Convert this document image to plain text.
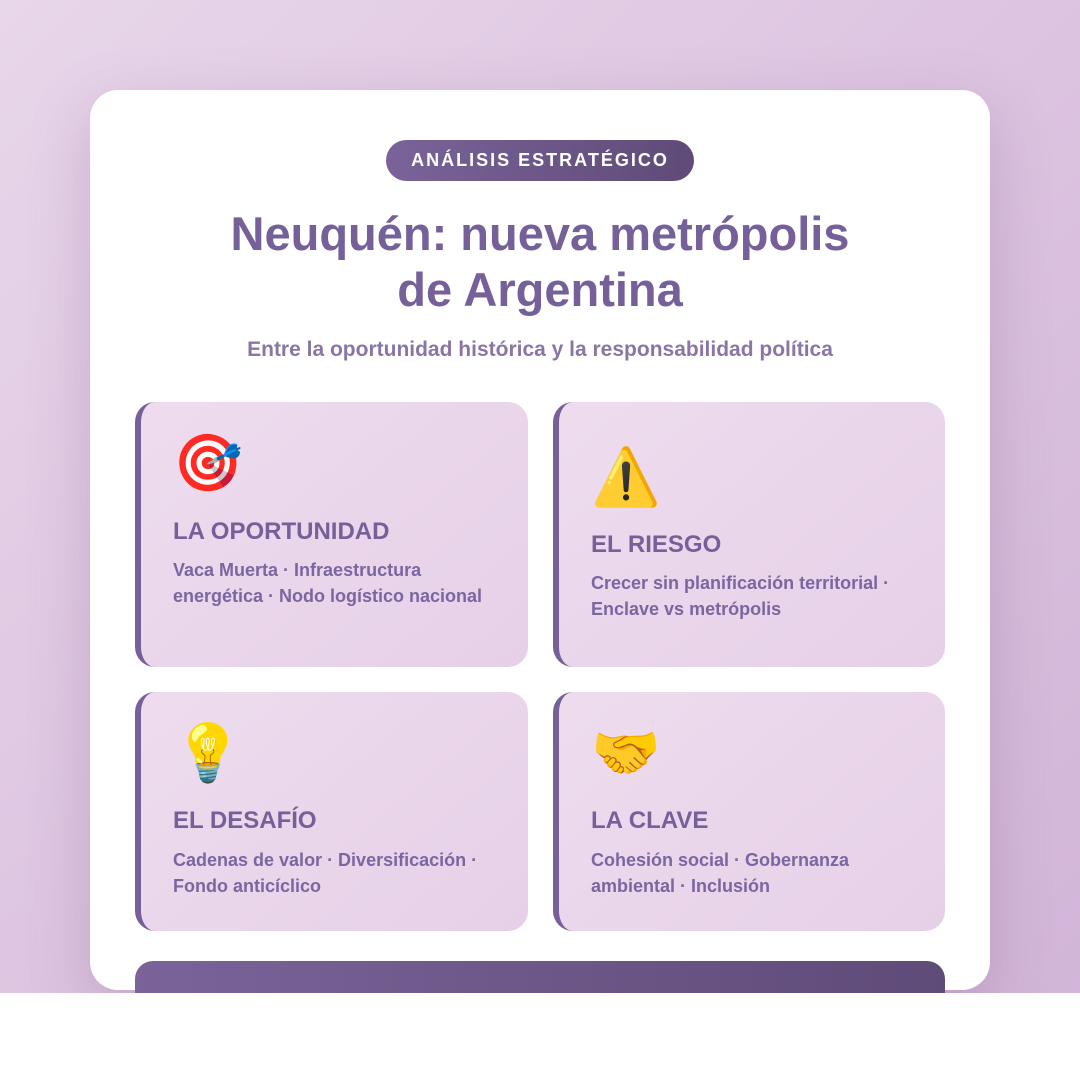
ANÁLISIS ESTRATÉGICO
Neuquén: nueva metrópolis
de Argentina

Entre la oportunidad histórica y la responsabilidad política

🎯
LA OPORTUNIDAD
Vaca Muerta · Infraestructura energética · Nodo logístico nacional
⚠️
EL RIESGO
Crecer sin planificación territorial · Enclave vs metrópolis
💡
EL DESAFÍO
Cadenas de valor · Diversificación · Fondo anticíclico
🤝
LA CLAVE
Cohesión social · Gobernanza ambiental · Inclusión
